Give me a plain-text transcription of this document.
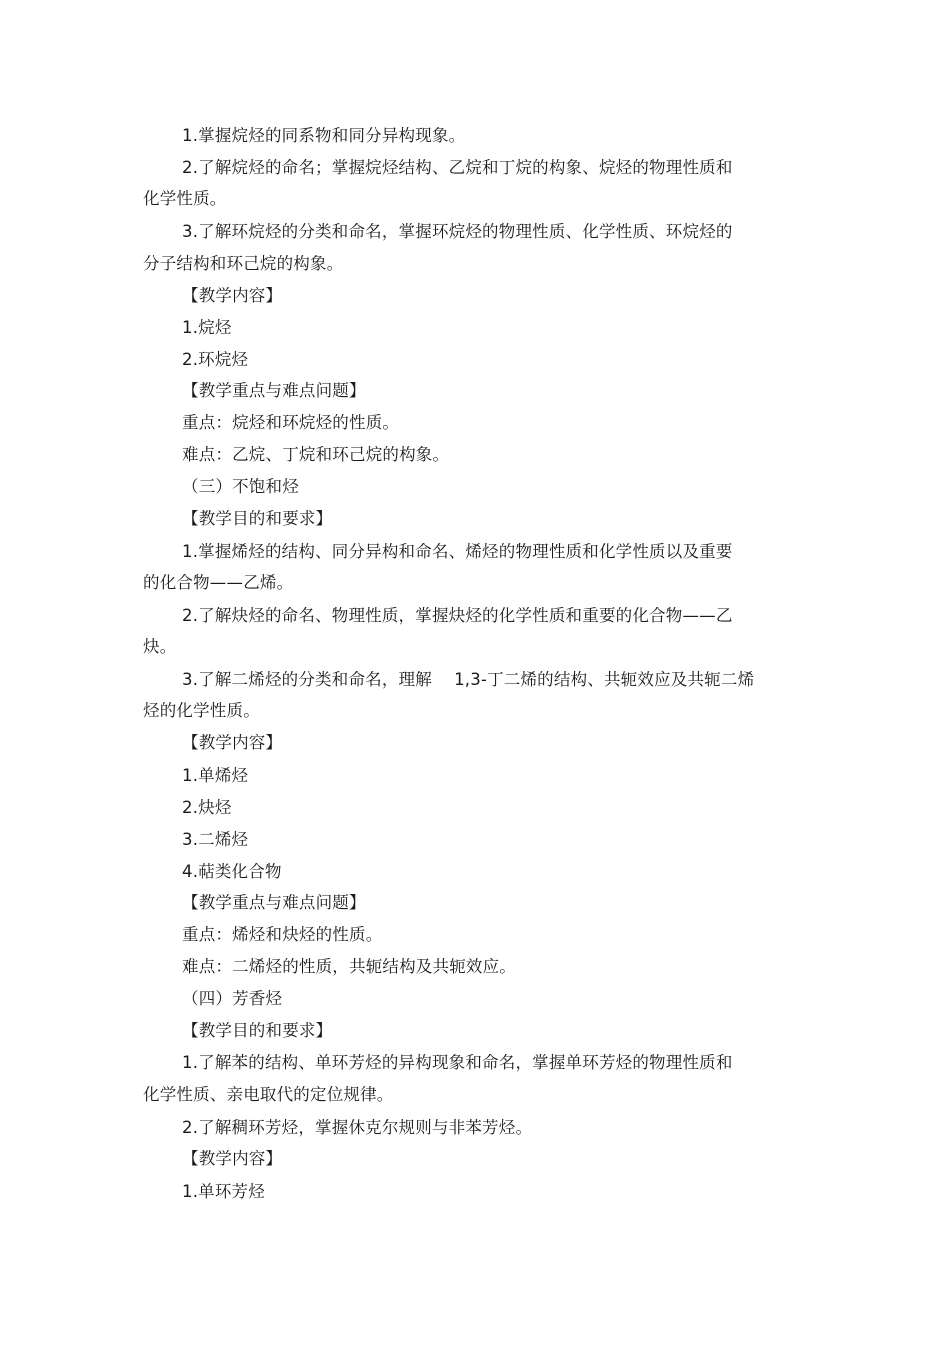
1.掌握烷烃的同系物和同分异构现象。
2.了解烷烃的命名；掌握烷烃结构、乙烷和丁烷的构象、烷烃的物理性质和
化学性质。
3.了解环烷烃的分类和命名，掌握环烷烃的物理性质、化学性质、环烷烃的
分子结构和环己烷的构象。
【教学内容】
1.烷烃
2.环烷烃
【教学重点与难点问题】
重点：烷烃和环烷烃的性质。
难点：乙烷、丁烷和环己烷的构象。
（三）不饱和烃
【教学目的和要求】
1.掌握烯烃的结构、同分异构和命名、烯烃的物理性质和化学性质以及重要
的化合物——乙烯。
2.了解炔烃的命名、物理性质，掌握炔烃的化学性质和重要的化合物——乙
炔。
3.了解二烯烃的分类和命名，理解　 1,3-丁二烯的结构、共轭效应及共轭二烯
烃的化学性质。
【教学内容】
1.单烯烃
2.炔烃
3.二烯烃
4.萜类化合物
【教学重点与难点问题】
重点：烯烃和炔烃的性质。
难点：二烯烃的性质，共轭结构及共轭效应。
（四）芳香烃
【教学目的和要求】
1.了解苯的结构、单环芳烃的异构现象和命名，掌握单环芳烃的物理性质和
化学性质、亲电取代的定位规律。
2.了解稠环芳烃，掌握休克尔规则与非苯芳烃。
【教学内容】
1.单环芳烃
